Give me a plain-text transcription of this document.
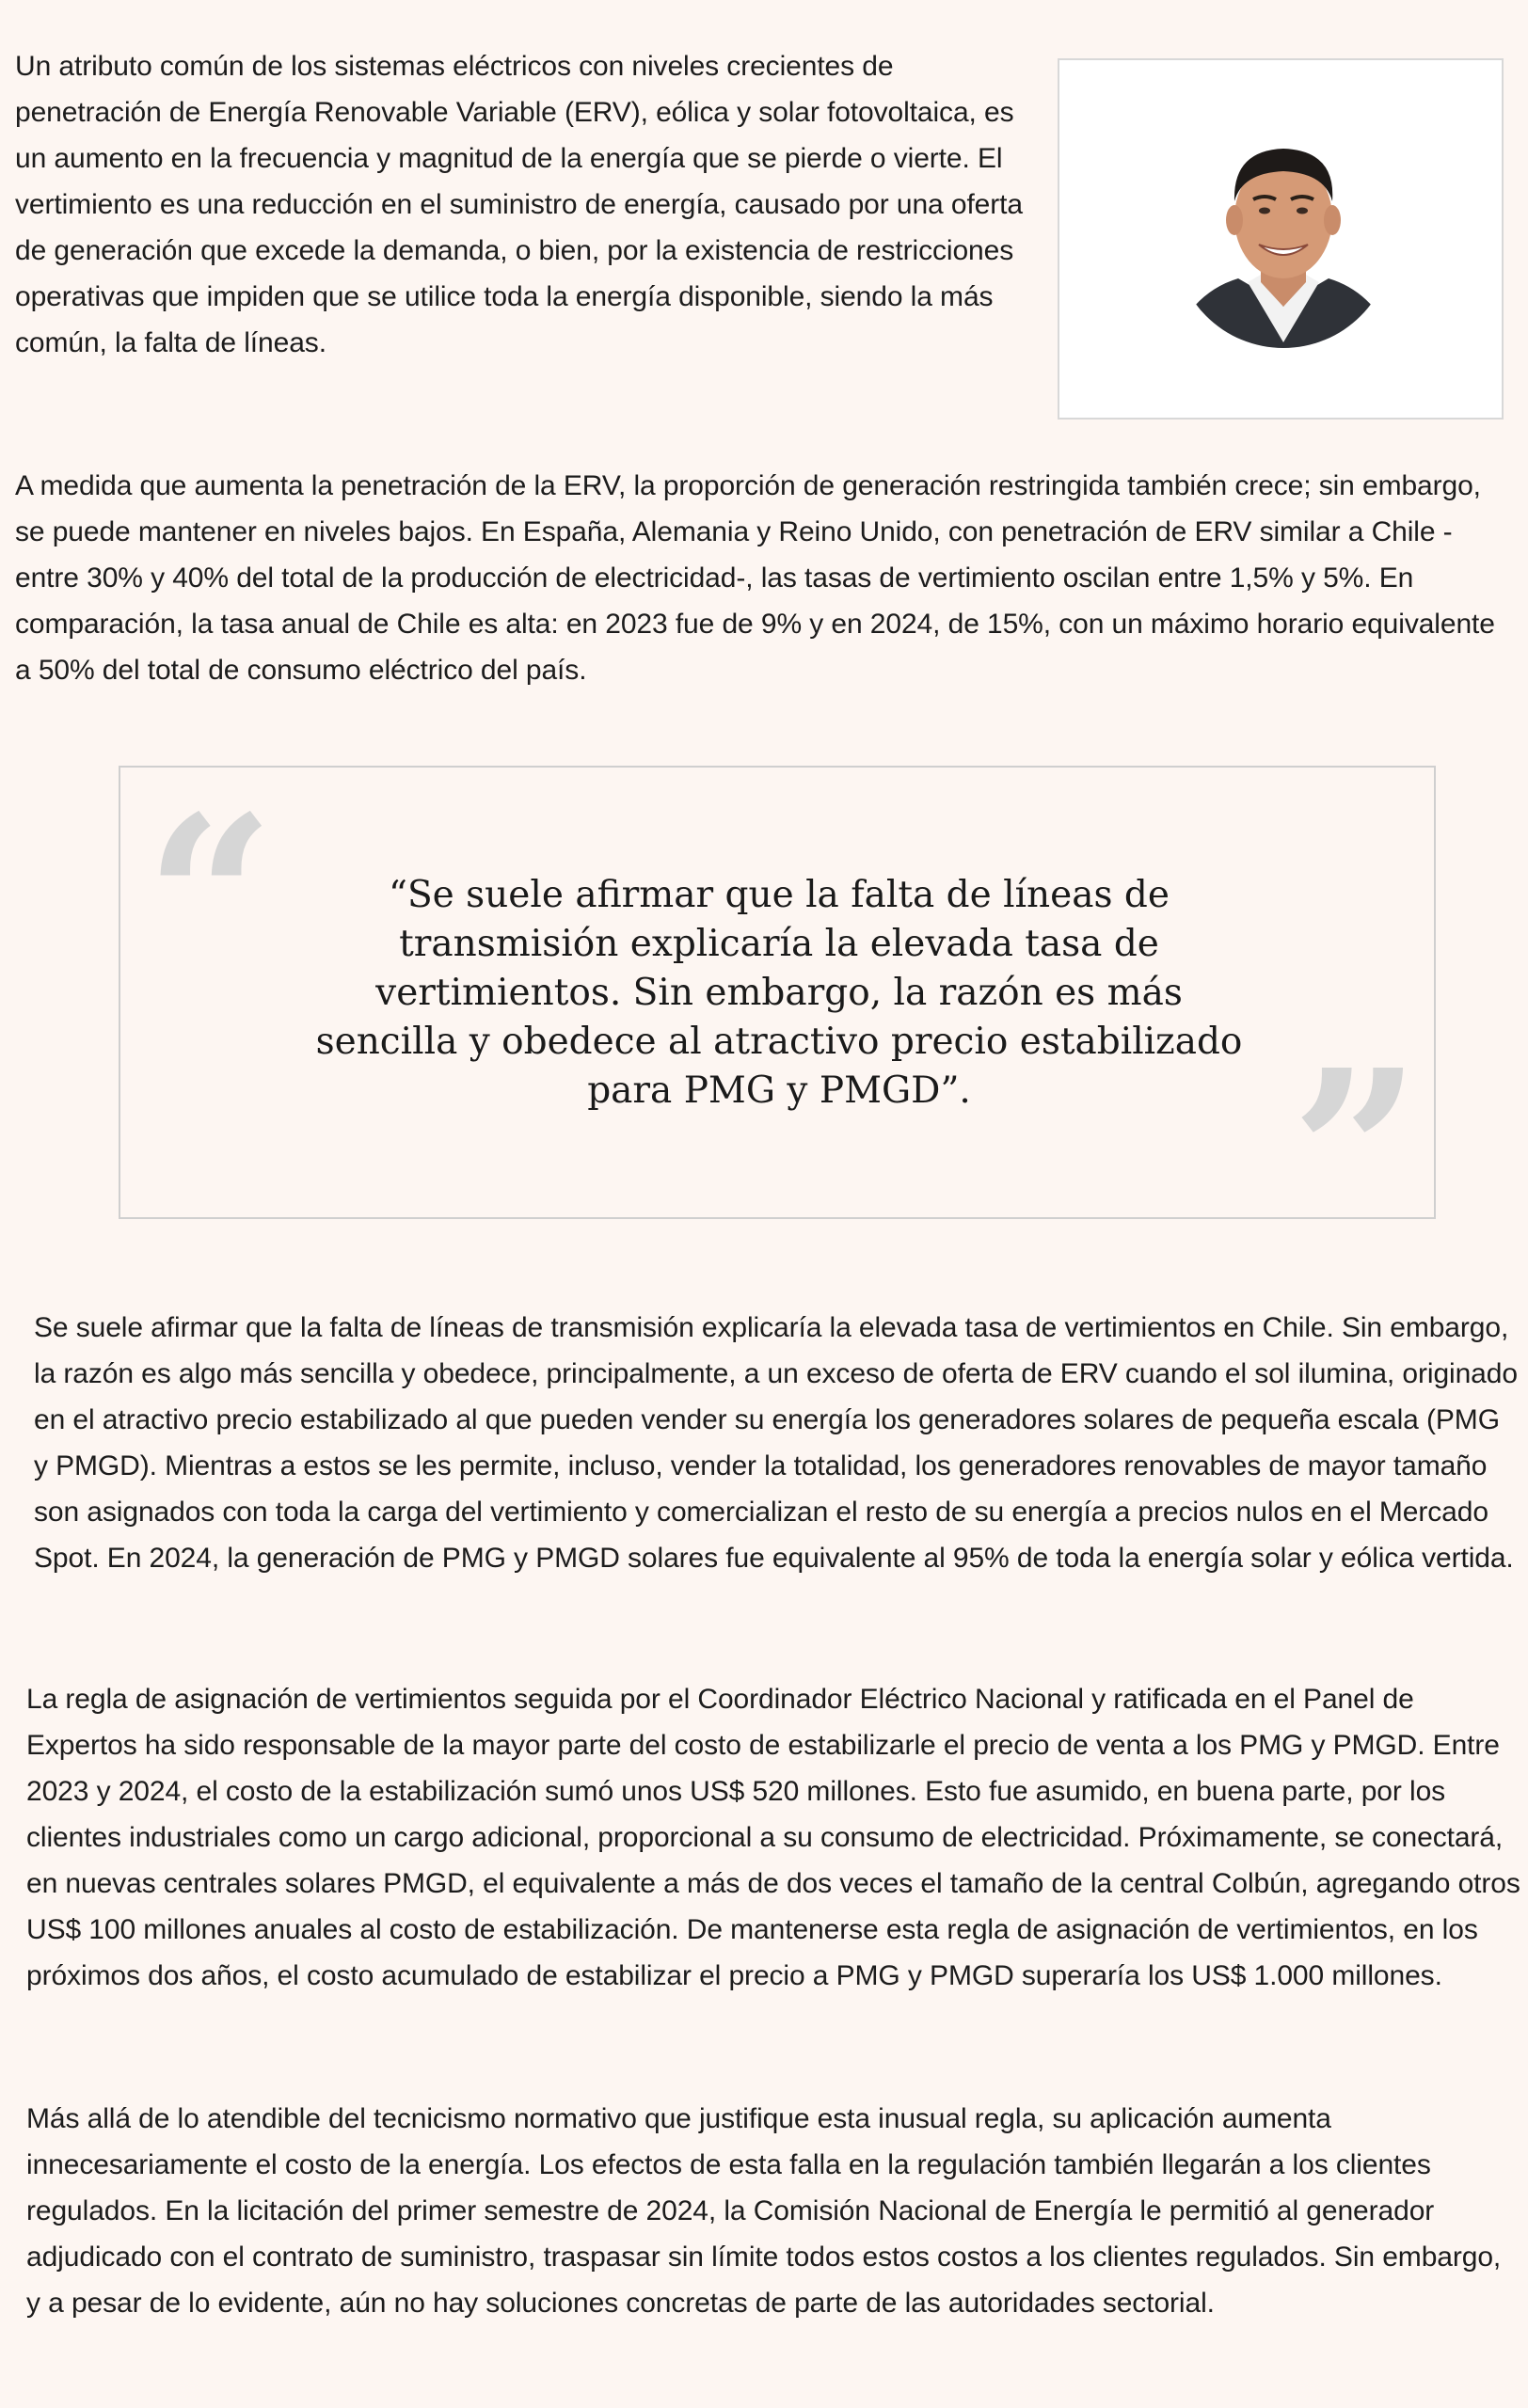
Un atributo común de los sistemas eléctricos con niveles crecientes de penetración de Energía Renovable Variable (ERV), eólica y solar fotovoltaica, es un aumento en la frecuencia y magnitud de la energía que se pierde o vierte. El vertimiento es una reducción en el suministro de energía, causado por una oferta de generación que excede la demanda, o bien, por la existencia de restricciones operativas que impiden que se utilice toda la energía disponible, siendo la más común, la falta de líneas.

A medida que aumenta la penetración de la ERV, la proporción de generación restringida también crece; sin embargo, se puede mantener en niveles bajos. En España, Alemania y Reino Unido, con penetración de ERV similar a Chile -entre 30% y 40% del total de la producción de electricidad-, las tasas de vertimiento oscilan entre 1,5% y 5%. En comparación, la tasa anual de Chile es alta: en 2023 fue de 9% y en 2024, de 15%, con un máximo horario equivalente a 50% del total de consumo eléctrico del país.

“	“Se suele afirmar que la falta de líneas de transmisión explicaría la elevada tasa de vertimientos. Sin embargo, la razón es más sencilla y obedece al atractivo precio estabilizado para PMG y PMGD”.	”

Se suele afirmar que la falta de líneas de transmisión explicaría la elevada tasa de vertimientos en Chile. Sin embargo, la razón es algo más sencilla y obedece, principalmente, a un exceso de oferta de ERV cuando el sol ilumina, originado en el atractivo precio estabilizado al que pueden vender su energía los generadores solares de pequeña escala (PMG y PMGD). Mientras a estos se les permite, incluso, vender la totalidad, los generadores renovables de mayor tamaño son asignados con toda la carga del vertimiento y comercializan el resto de su energía a precios nulos en el Mercado Spot. En 2024, la generación de PMG y PMGD solares fue equivalente al 95% de toda la energía solar y eólica vertida.

La regla de asignación de vertimientos seguida por el Coordinador Eléctrico Nacional y ratificada en el Panel de Expertos ha sido responsable de la mayor parte del costo de estabilizarle el precio de venta a los PMG y PMGD. Entre 2023 y 2024, el costo de la estabilización sumó unos US$ 520 millones. Esto fue asumido, en buena parte, por los clientes industriales como un cargo adicional, proporcional a su consumo de electricidad. Próximamente, se conectará, en nuevas centrales solares PMGD, el equivalente a más de dos veces el tamaño de la central Colbún, agregando otros US$ 100 millones anuales al costo de estabilización. De mantenerse esta regla de asignación de vertimientos, en los próximos dos años, el costo acumulado de estabilizar el precio a PMG y PMGD superaría los US$ 1.000 millones.

Más allá de lo atendible del tecnicismo normativo que justifique esta inusual regla, su aplicación aumenta innecesariamente el costo de la energía. Los efectos de esta falla en la regulación también llegarán a los clientes regulados. En la licitación del primer semestre de 2024, la Comisión Nacional de Energía le permitió al generador adjudicado con el contrato de suministro, traspasar sin límite todos estos costos a los clientes regulados. Sin embargo, y a pesar de lo evidente, aún no hay soluciones concretas de parte de las autoridades sectorial.
